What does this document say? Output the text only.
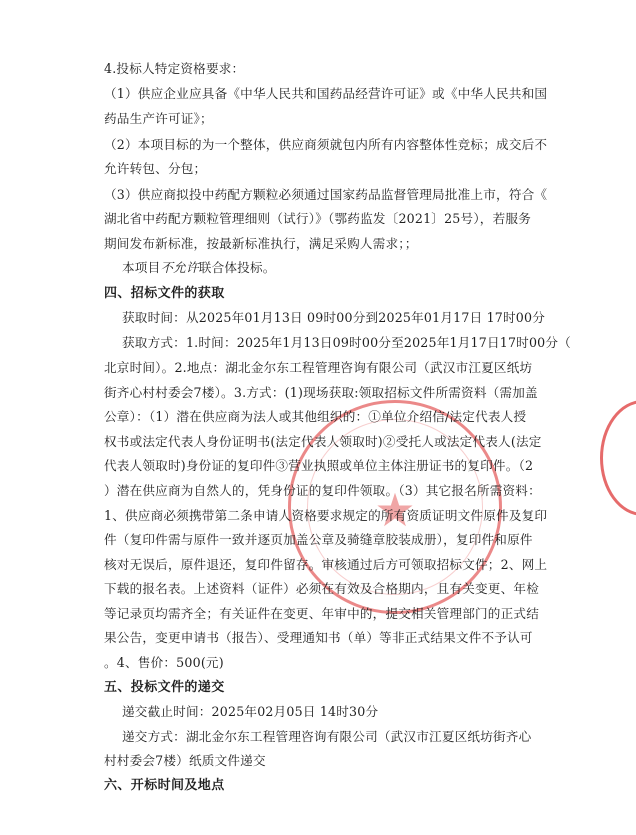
★
4.投标人特定资格要求：
（1）供应企业应具备《中华人民共和国药品经营许可证》或《中华人民共和国
药品生产许可证》；
（2）本项目标的为一个整体，供应商须就包内所有内容整体性竞标；成交后不
允许转包、分包；
（3）供应商拟投中药配方颗粒必须通过国家药品监督管理局批准上市，符合《
湖北省中药配方颗粒管理细则（试行）》（鄂药监发〔2021〕25号），若服务
期间发布新标准，按最新标准执行，满足采购人需求；；
本项目不允许联合体投标。
四、招标文件的获取
获取时间：从2025年01月13日 09时00分到2025年01月17日 17时00分
获取方式：1.时间：2025年1月13日09时00分至2025年1月17日17时00分（
北京时间）。2.地点：湖北金尔东工程管理咨询有限公司（武汉市江夏区纸坊
街齐心村村委会7楼）。3.方式：(1)现场获取:领取招标文件所需资料（需加盖
公章）：（1）潜在供应商为法人或其他组织的：①单位介绍信/法定代表人授
权书或法定代表人身份证明书(法定代表人领取时)②受托人或法定代表人(法定
代表人领取时)身份证的复印件③营业执照或单位主体注册证书的复印件。（2
）潜在供应商为自然人的，凭身份证的复印件领取。（3）其它报名所需资料：
1、供应商必须携带第二条申请人资格要求规定的所有资质证明文件原件及复印
件（复印件需与原件一致并逐页加盖公章及骑缝章胶装成册），复印件和原件
核对无误后，原件退还，复印件留存。审核通过后方可领取招标文件；2、网上
下载的报名表。上述资料（证件）必须在有效及合格期内，且有关变更、年检
等记录页均需齐全；有关证件在变更、年审中的，提交相关管理部门的正式结
果公告，变更申请书（报告）、受理通知书（单）等非正式结果文件不予认可
。4、售价：500(元)
五、投标文件的递交
递交截止时间：2025年02月05日 14时30分
递交方式：湖北金尔东工程管理咨询有限公司（武汉市江夏区纸坊街齐心
村村委会7楼）纸质文件递交
六、开标时间及地点
